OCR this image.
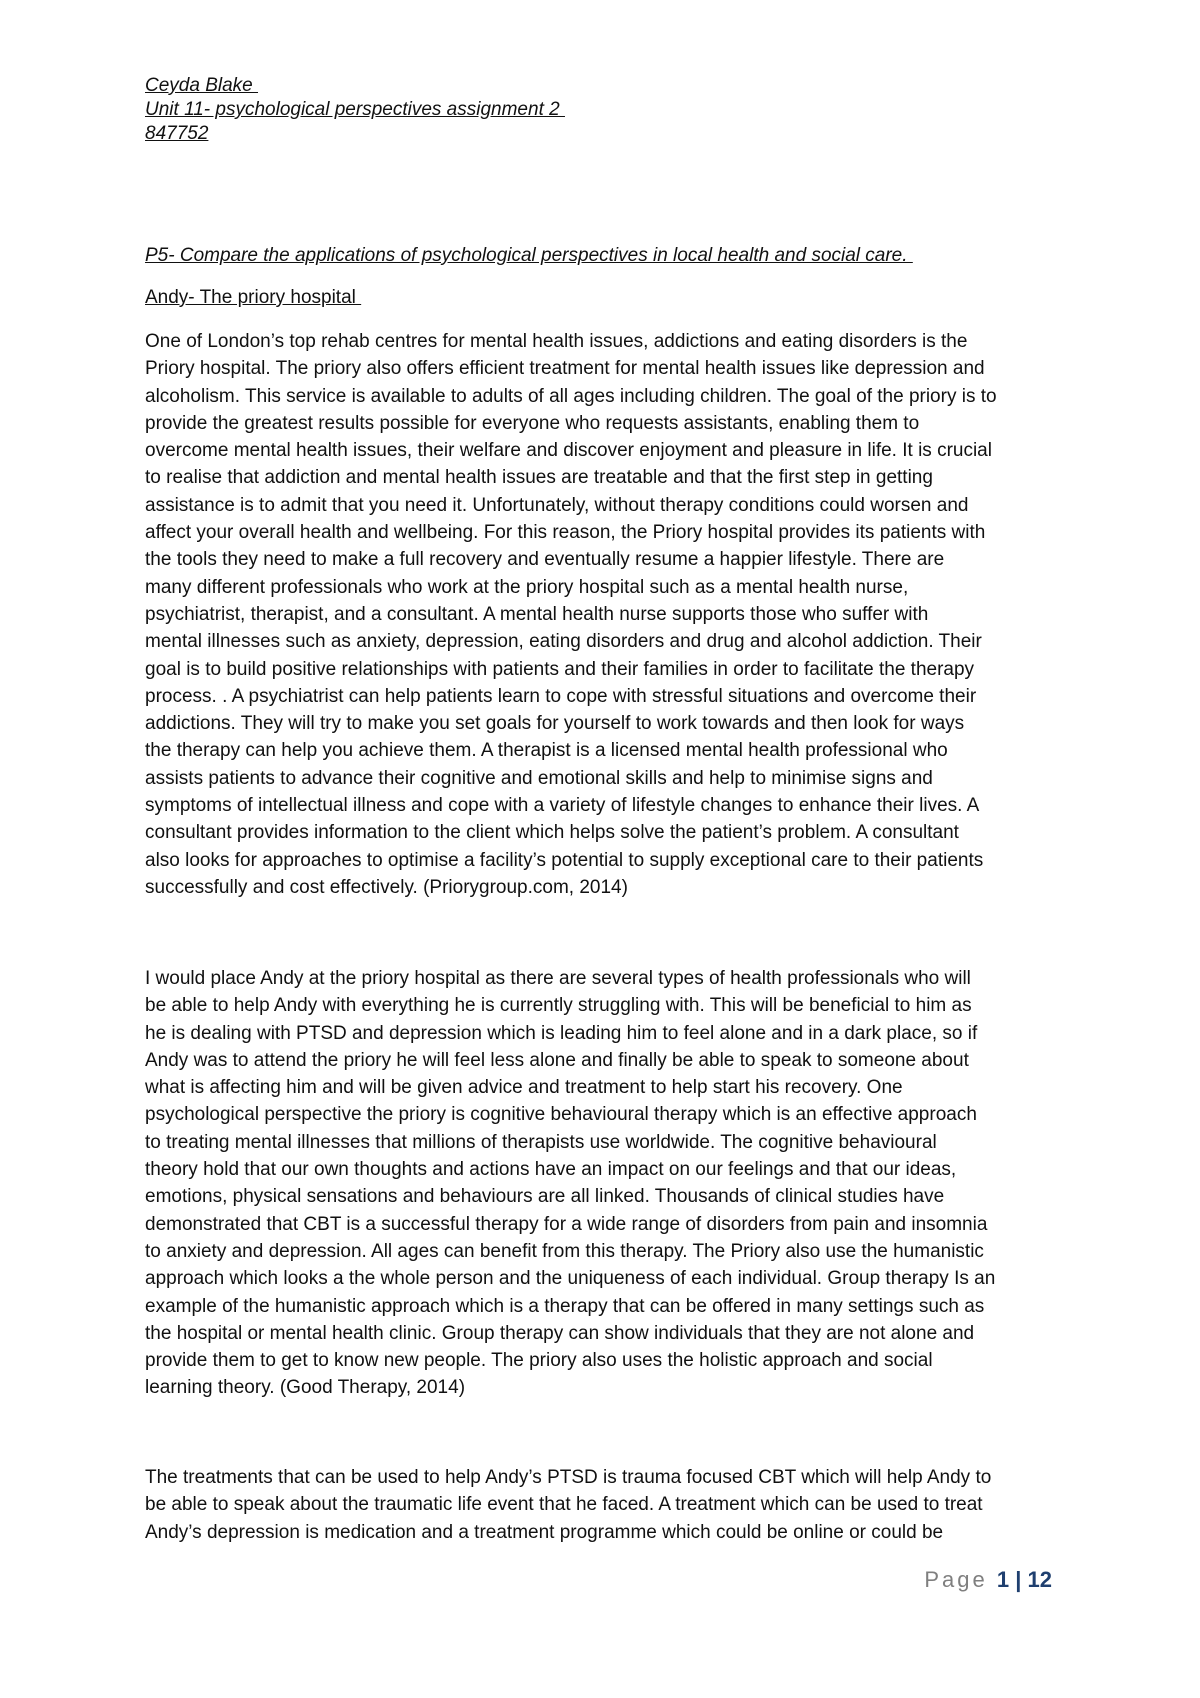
Ceyda Blake
Unit 11- psychological perspectives assignment 2
847752
P5- Compare the applications of psychological perspectives in local health and social care.
Andy- The priory hospital
One of London’s top rehab centres for mental health issues, addictions and eating disorders is the
Priory hospital. The priory also offers efficient treatment for mental health issues like depression and
alcoholism. This service is available to adults of all ages including children. The goal of the priory is to
provide the greatest results possible for everyone who requests assistants, enabling them to
overcome mental health issues, their welfare and discover enjoyment and pleasure in life. It is crucial
to realise that addiction and mental health issues are treatable and that the first step in getting
assistance is to admit that you need it. Unfortunately, without therapy conditions could worsen and
affect your overall health and wellbeing. For this reason, the Priory hospital provides its patients with
the tools they need to make a full recovery and eventually resume a happier lifestyle. There are
many different professionals who work at the priory hospital such as a mental health nurse,
psychiatrist, therapist, and a consultant. A mental health nurse supports those who suffer with
mental illnesses such as anxiety, depression, eating disorders and drug and alcohol addiction. Their
goal is to build positive relationships with patients and their families in order to facilitate the therapy
process. . A psychiatrist can help patients learn to cope with stressful situations and overcome their
addictions. They will try to make you set goals for yourself to work towards and then look for ways
the therapy can help you achieve them. A therapist is a licensed mental health professional who
assists patients to advance their cognitive and emotional skills and help to minimise signs and
symptoms of intellectual illness and cope with a variety of lifestyle changes to enhance their lives. A
consultant provides information to the client which helps solve the patient’s problem. A consultant
also looks for approaches to optimise a facility’s potential to supply exceptional care to their patients
successfully and cost effectively. (Priorygroup.com, 2014)
I would place Andy at the priory hospital as there are several types of health professionals who will
be able to help Andy with everything he is currently struggling with. This will be beneficial to him as
he is dealing with PTSD and depression which is leading him to feel alone and in a dark place, so if
Andy was to attend the priory he will feel less alone and finally be able to speak to someone about
what is affecting him and will be given advice and treatment to help start his recovery. One
psychological perspective the priory is cognitive behavioural therapy which is an effective approach
to treating mental illnesses that millions of therapists use worldwide. The cognitive behavioural
theory hold that our own thoughts and actions have an impact on our feelings and that our ideas,
emotions, physical sensations and behaviours are all linked. Thousands of clinical studies have
demonstrated that CBT is a successful therapy for a wide range of disorders from pain and insomnia
to anxiety and depression. All ages can benefit from this therapy. The Priory also use the humanistic
approach which looks a the whole person and the uniqueness of each individual. Group therapy Is an
example of the humanistic approach which is a therapy that can be offered in many settings such as
the hospital or mental health clinic. Group therapy can show individuals that they are not alone and
provide them to get to know new people. The priory also uses the holistic approach and social
learning theory. (Good Therapy, 2014)
The treatments that can be used to help Andy’s PTSD is trauma focused CBT which will help Andy to
be able to speak about the traumatic life event that he faced. A treatment which can be used to treat
Andy’s depression is medication and a treatment programme which could be online or could be
Page 1 | 12
